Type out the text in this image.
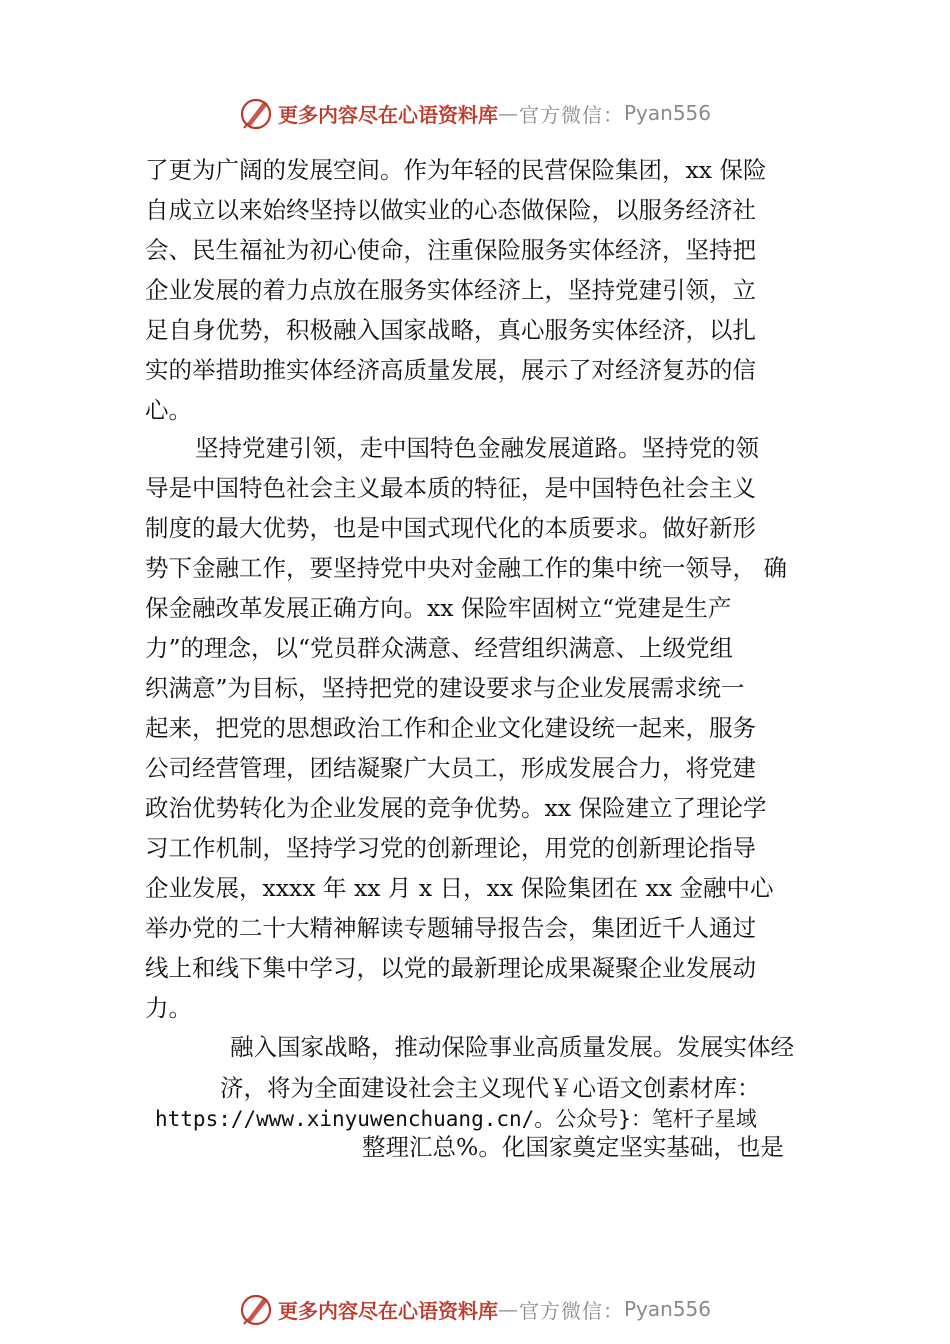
更多内容尽在心语资料库 — 官方微信： Pyan556
了更为广阔的发展空间。作为年轻的民营保险集团，xx 保险
自成立以来始终坚持以做实业的心态做保险，以服务经济社
会、民生福祉为初心使命，注重保险服务实体经济，坚持把
企业发展的着力点放在服务实体经济上，坚持党建引领，立
足自身优势，积极融入国家战略，真心服务实体经济，以扎
实的举措助推实体经济高质量发展，展示了对经济复苏的信
心。
坚持党建引领，走中国特色金融发展道路。坚持党的领
导是中国特色社会主义最本质的特征，是中国特色社会主义
制度的最大优势，也是中国式现代化的本质要求。做好新形
势下金融工作，要坚持党中央对金融工作的集中统一领导， 确
保金融改革发展正确方向。xx 保险牢固树立“党建是生产
力”的理念，以“党员群众满意、经营组织满意、上级党组
织满意”为目标，坚持把党的建设要求与企业发展需求统一
起来，把党的思想政治工作和企业文化建设统一起来，服务
公司经营管理，团结凝聚广大员工，形成发展合力，将党建
政治优势转化为企业发展的竞争优势。xx 保险建立了理论学
习工作机制，坚持学习党的创新理论，用党的创新理论指导
企业发展，xxxx 年 xx 月 x 日，xx 保险集团在 xx 金融中心
举办党的二十大精神解读专题辅导报告会，集团近千人通过
线上和线下集中学习，以党的最新理论成果凝聚企业发展动
力。
融入国家战略，推动保险事业高质量发展。发展实体经
济，将为全面建设社会主义现代￥心语文创素材库：
https://www.xinyuwenchuang.cn/。公众号}：笔杆子星域
整理汇总%。化国家奠定坚实基础，也是
更多内容尽在心语资料库 — 官方微信： Pyan556
